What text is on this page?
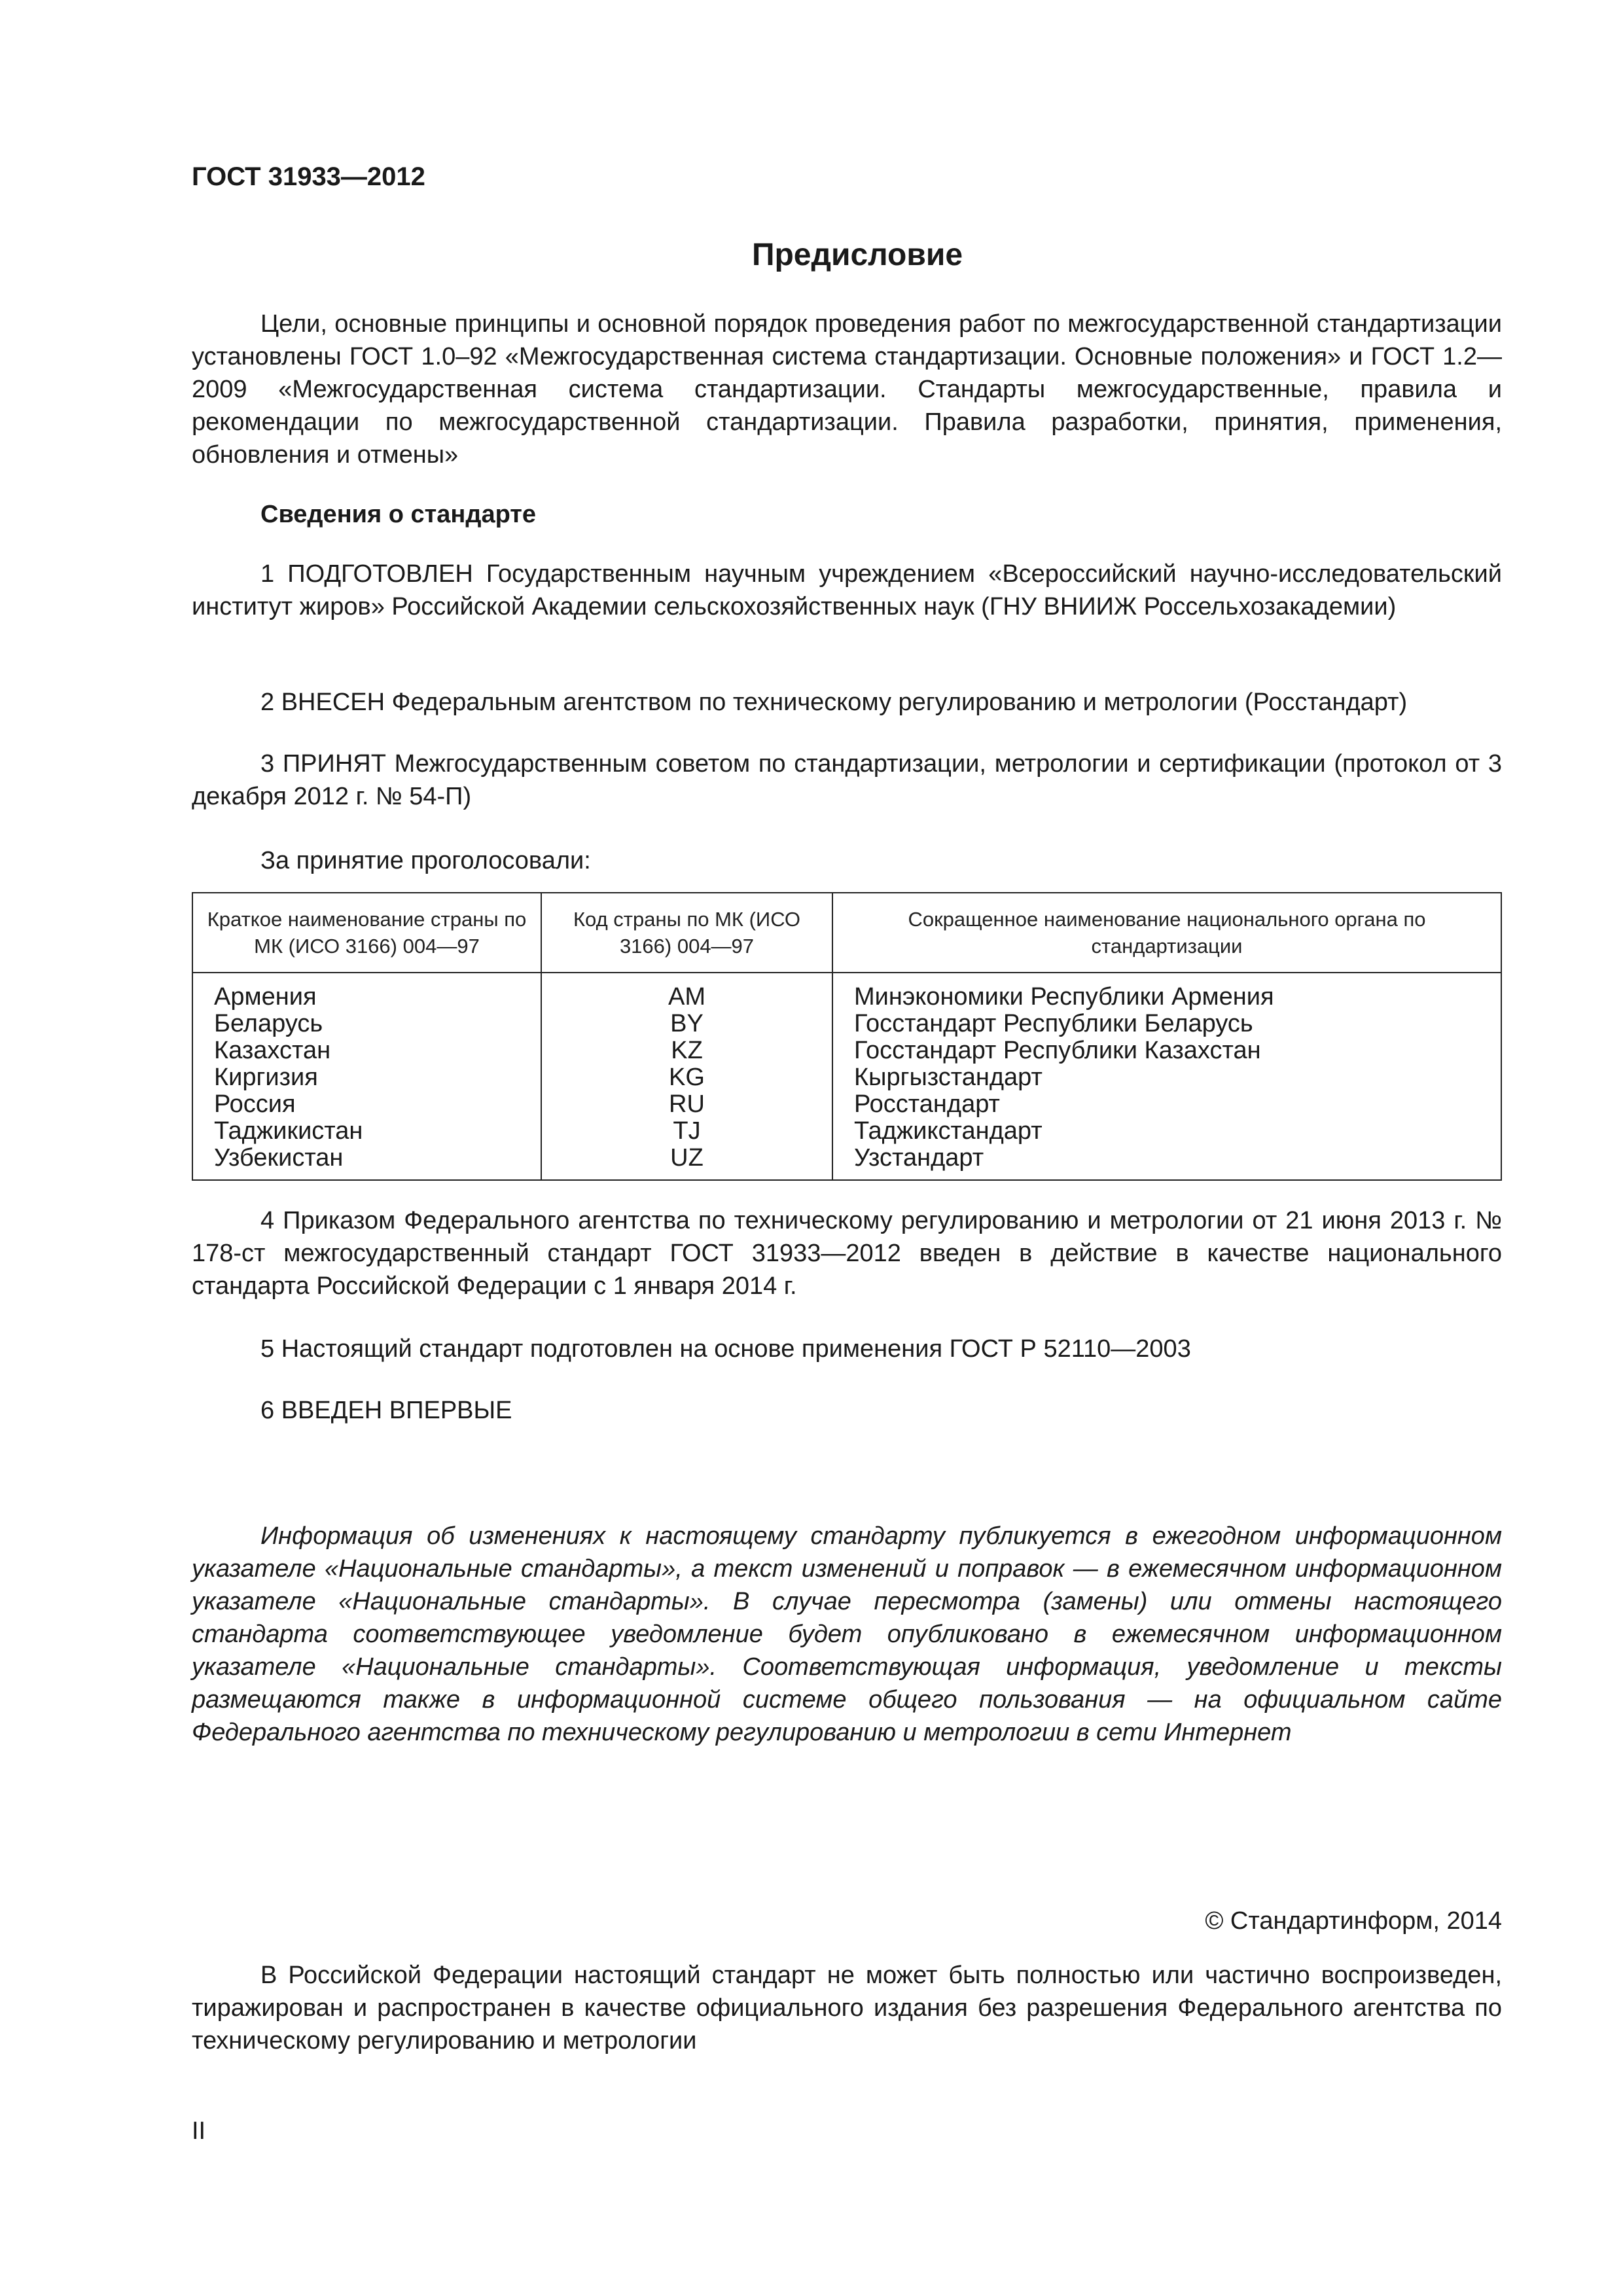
ГОСТ 31933—2012
Предисловие

Цели, основные принципы и основной порядок проведения работ по межгосударственной стандартизации установлены ГОСТ 1.0–92 «Межгосударственная система стандартизации. Основные положения» и ГОСТ 1.2—2009 «Межгосударственная система стандартизации. Стандарты межгосударственные, правила и рекомендации по межгосударственной стандартизации. Правила разработки, принятия, применения, обновления и отмены»

Сведения о стандарте

1 ПОДГОТОВЛЕН Государственным научным учреждением «Всероссийский научно-исследовательский институт жиров» Российской Академии сельскохозяйственных наук (ГНУ ВНИИЖ Россельхозакадемии)

2 ВНЕСЕН Федеральным агентством по техническому регулированию и метрологии (Росстандарт)

3 ПРИНЯТ Межгосударственным советом по стандартизации, метрологии и сертификации (протокол от 3 декабря 2012 г. № 54-П)

За принятие проголосовали:
Краткое наименование страны по МК (ИСО 3166) 004—97	Код страны по МК (ИСО 3166) 004—97	Сокращенное наименование национального органа по стандартизации
Армения	AM	Минэкономики Республики Армения
Беларусь	BY	Госстандарт Республики Беларусь
Казахстан	KZ	Госстандарт Республики Казахстан
Киргизия	KG	Кыргызстандарт
Россия	RU	Росстандарт
Таджикистан	TJ	Таджикстандарт
Узбекистан	UZ	Узстандарт

4 Приказом Федерального агентства по техническому регулированию и метрологии от 21 июня 2013 г. № 178-ст межгосударственный стандарт ГОСТ 31933—2012 введен в действие в качестве национального стандарта Российской Федерации с 1 января 2014 г.

5 Настоящий стандарт подготовлен на основе применения ГОСТ Р 52110—2003

6 ВВЕДЕН ВПЕРВЫЕ

Информация об изменениях к настоящему стандарту публикуется в ежегодном информационном указателе «Национальные стандарты», а текст изменений и поправок — в ежемесячном информационном указателе «Национальные стандарты». В случае пересмотра (замены) или отмены настоящего стандарта соответствующее уведомление будет опубликовано в ежемесячном информационном указателе «Национальные стандарты». Соответствующая информация, уведомление и тексты размещаются также в информационной системе общего пользования — на официальном сайте Федерального агентства по техническому регулированию и метрологии в сети Интернет

© Стандартинформ, 2014

В Российской Федерации настоящий стандарт не может быть полностью или частично воспроизведен, тиражирован и распространен в качестве официального издания без разрешения Федерального агентства по техническому регулированию и метрологии

II
